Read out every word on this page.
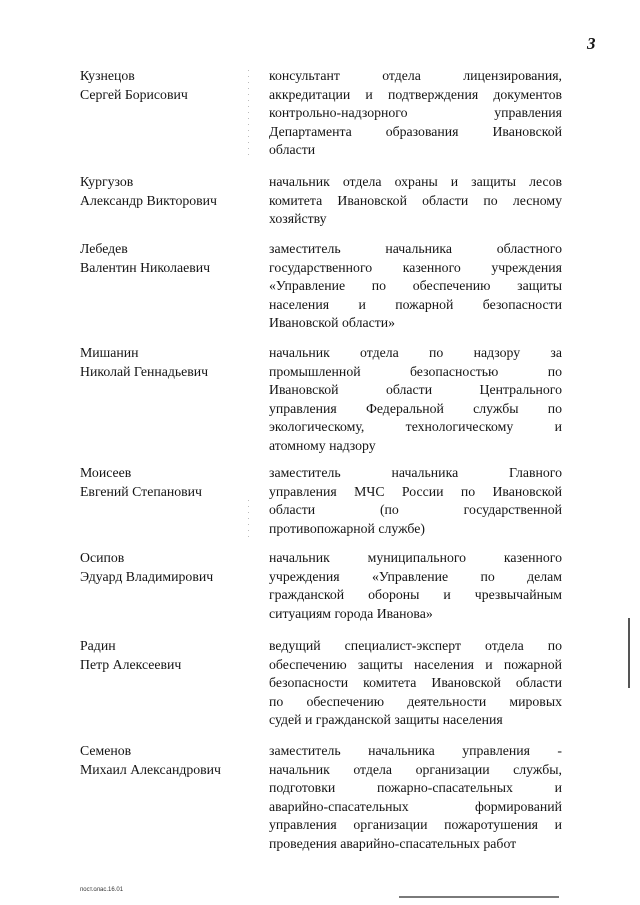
3
Кузнецов
Сергей Борисович
консультант отдела лицензирования,
аккредитации и подтверждения документов
контрольно-надзорного управления
Департамента образования Ивановской
области
Кургузов
Александр Викторович
начальник отдела охраны и защиты лесов
комитета Ивановской области по лесному
хозяйству
Лебедев
Валентин Николаевич
заместитель начальника областного
государственного казенного учреждения
«Управление по обеспечению защиты
населения и пожарной безопасности
Ивановской области»
Мишанин
Николай Геннадьевич
начальник отдела по надзору за
промышленной безопасностью по
Ивановской области Центрального
управления Федеральной службы по
экологическому, технологическому и
атомному надзору
Моисеев
Евгений Степанович
заместитель начальника Главного
управления МЧС России по Ивановской
области (по государственной
противопожарной службе)
Осипов
Эдуард Владимирович
начальник муниципального казенного
учреждения «Управление по делам
гражданской обороны и чрезвычайным
ситуациям города Иванова»
Радин
Петр Алексеевич
ведущий специалист-эксперт отдела по
обеспечению защиты населения и пожарной
безопасности комитета Ивановской области
по обеспечению деятельности мировых
судей и гражданской защиты населения
Семенов
Михаил Александрович
заместитель начальника управления -
начальник отдела организации службы,
подготовки пожарно-спасательных и
аварийно-спасательных формирований
управления организации пожаротушения и
проведения аварийно-спасательных работ
пост.олас.16.01
